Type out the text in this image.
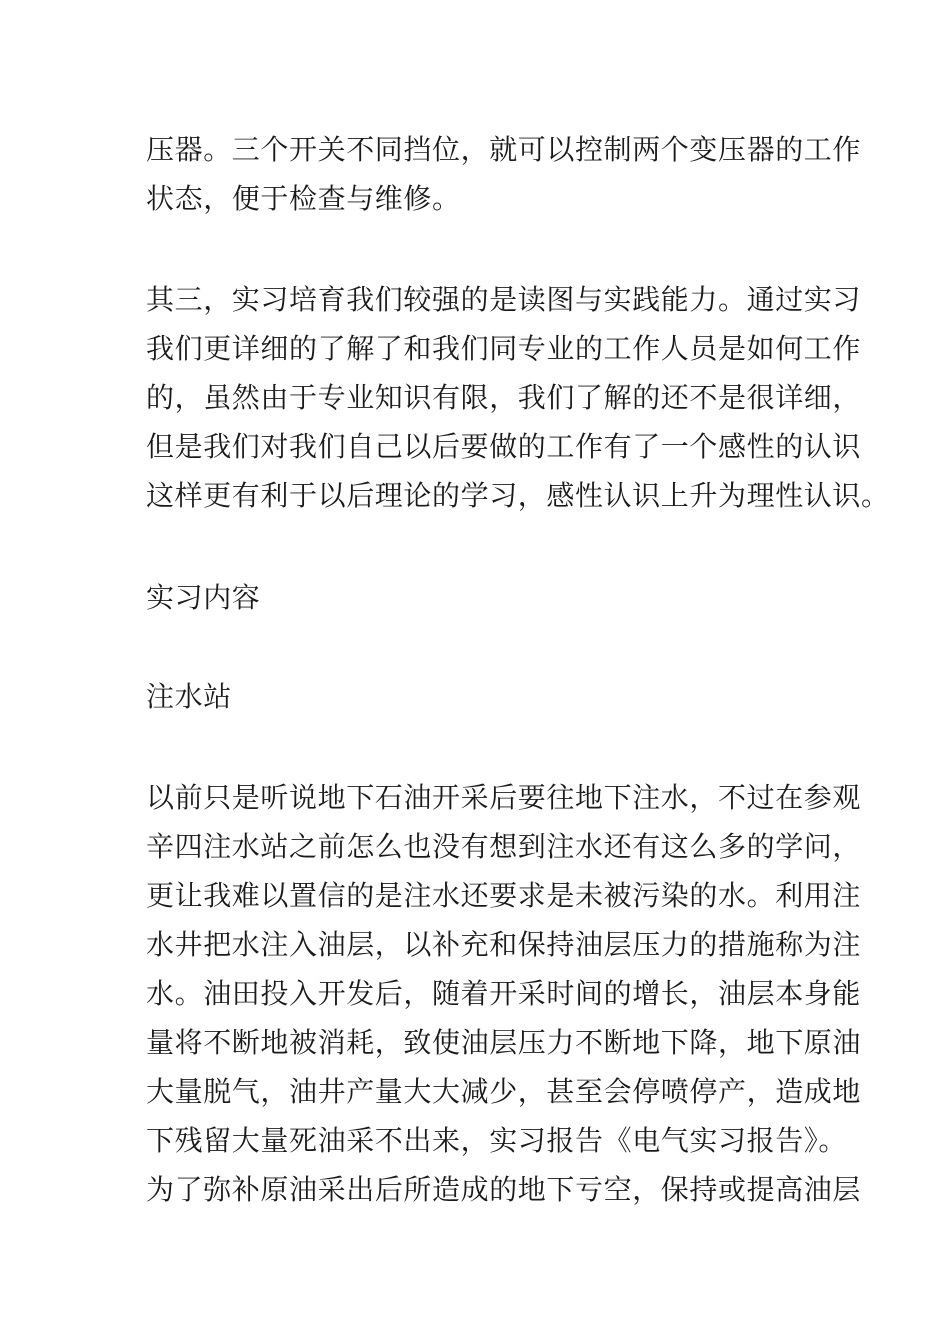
压器。三个开关不同挡位，就可以控制两个变压器的工作
状态，便于检查与维修。
其三，实习培育我们较强的是读图与实践能力。通过实习
我们更详细的了解了和我们同专业的工作人员是如何工作
的，虽然由于专业知识有限，我们了解的还不是很详细，
但是我们对我们自己以后要做的工作有了一个感性的认识
这样更有利于以后理论的学习，感性认识上升为理性认识。
实习内容
注水站
以前只是听说地下石油开采后要往地下注水，不过在参观
辛四注水站之前怎么也没有想到注水还有这么多的学问，
更让我难以置信的是注水还要求是未被污染的水。利用注
水井把水注入油层，以补充和保持油层压力的措施称为注
水。油田投入开发后，随着开采时间的增长，油层本身能
量将不断地被消耗，致使油层压力不断地下降，地下原油
大量脱气，油井产量大大减少，甚至会停喷停产，造成地
下残留大量死油采不出来，实习报告《电气实习报告》。
为了弥补原油采出后所造成的地下亏空，保持或提高油层
